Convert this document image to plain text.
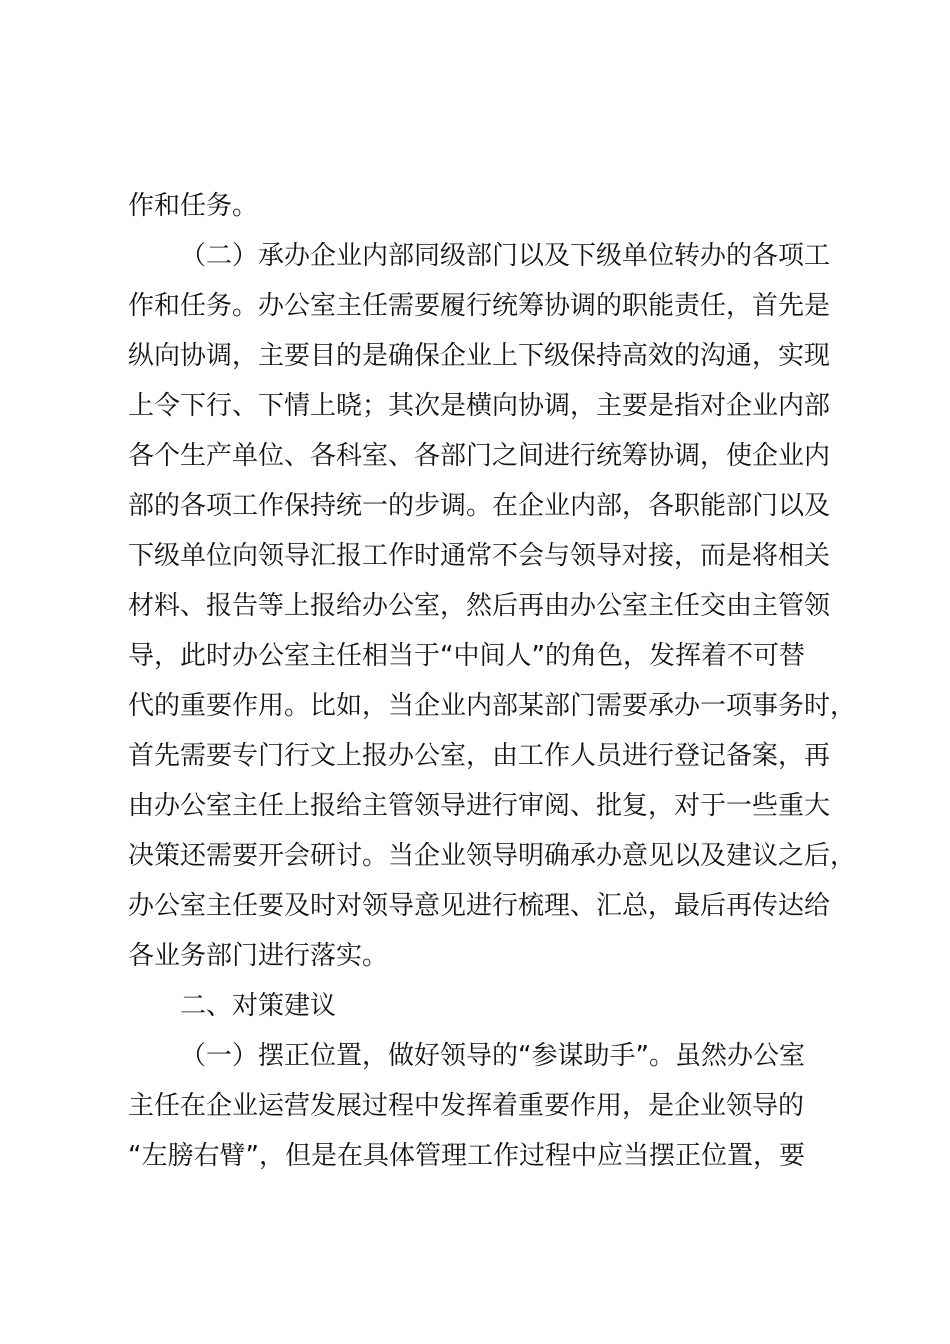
作和任务。
（二）承办企业内部同级部门以及下级单位转办的各项工
作和任务。办公室主任需要履行统筹协调的职能责任，首先是
纵向协调，主要目的是确保企业上下级保持高效的沟通，实现
上令下行、下情上晓；其次是横向协调，主要是指对企业内部
各个生产单位、各科室、各部门之间进行统筹协调，使企业内
部的各项工作保持统一的步调。在企业内部，各职能部门以及
下级单位向领导汇报工作时通常不会与领导对接，而是将相关
材料、报告等上报给办公室，然后再由办公室主任交由主管领
导，此时办公室主任相当于“中间人”的角色，发挥着不可替
代的重要作用。比如，当企业内部某部门需要承办一项事务时，
首先需要专门行文上报办公室，由工作人员进行登记备案，再
由办公室主任上报给主管领导进行审阅、批复，对于一些重大
决策还需要开会研讨。当企业领导明确承办意见以及建议之后，
办公室主任要及时对领导意见进行梳理、汇总，最后再传达给
各业务部门进行落实。
二、对策建议
（一）摆正位置，做好领导的“参谋助手”。虽然办公室
主任在企业运营发展过程中发挥着重要作用，是企业领导的
“左膀右臂”，但是在具体管理工作过程中应当摆正位置，要
